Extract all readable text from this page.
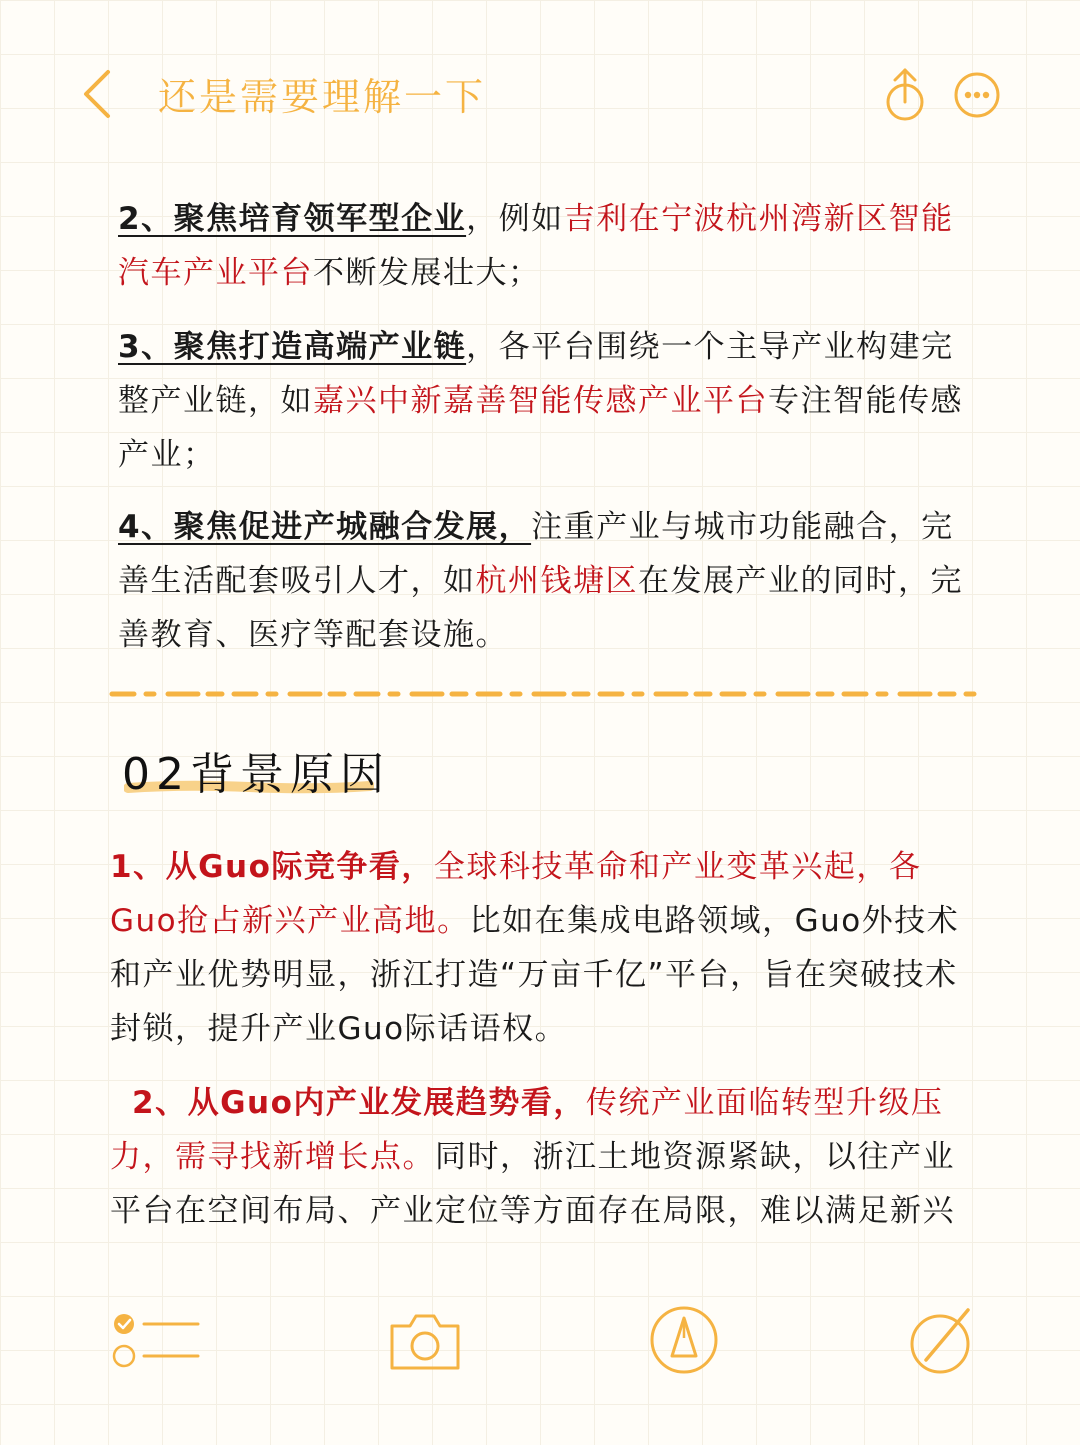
还是需要理解一下
2、聚焦培育领军型企业，例如吉利在宁波杭州湾新区智能汽车产业平台不断发展壮大；
3、聚焦打造高端产业链，各平台围绕一个主导产业构建完整产业链，如嘉兴中新嘉善智能传感产业平台专注智能传感产业；
4、聚焦促进产城融合发展，注重产业与城市功能融合，完善生活配套吸引人才，如杭州钱塘区在发展产业的同时，完善教育、医疗等配套设施。
02背景原因
1、从Guo际竞争看，全球科技革命和产业变革兴起，各Guo抢占新兴产业高地。比如在集成电路领域，Guo外技术和产业优势明显，浙江打造“万亩千亿”平台，旨在突破技术封锁，提升产业Guo际话语权。
2、从Guo内产业发展趋势看，传统产业面临转型升级压力，需寻找新增长点。同时，浙江土地资源紧缺，以往产业平台在空间布局、产业定位等方面存在局限，难以满足新兴
